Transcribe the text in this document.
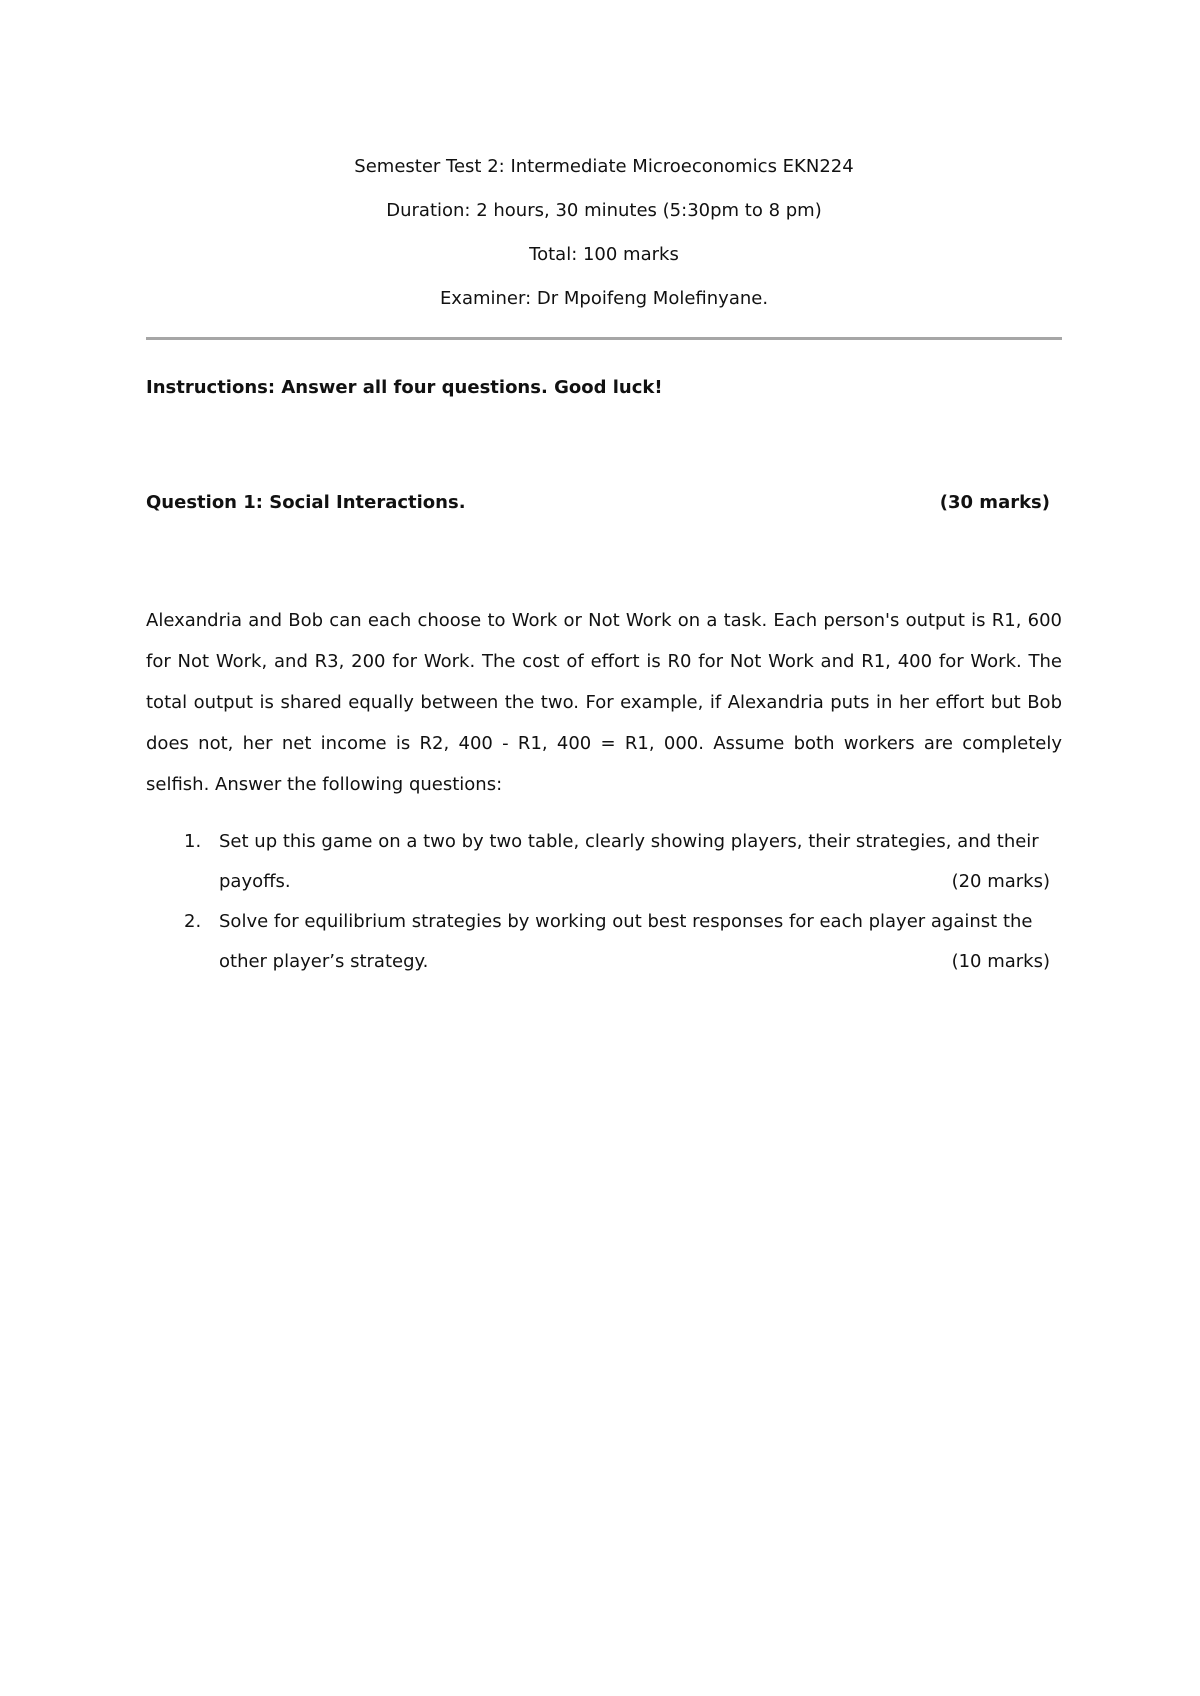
Semester Test 2: Intermediate Microeconomics EKN224

Duration: 2 hours, 30 minutes (5:30pm to 8 pm)

Total: 100 marks

Examiner: Dr Mpoifeng Molefinyane.

Instructions: Answer all four questions. Good luck!

Question 1: Social Interactions.	(30 marks)

Alexandria and Bob can each choose to Work or Not Work on a task. Each person's output is R1, 600 for Not Work, and R3, 200 for Work. The cost of effort is R0 for Not Work and R1, 400 for Work. The total output is shared equally between the two. For example, if Alexandria puts in her effort but Bob does not, her net income is R2, 400 - R1, 400 = R1, 000. Assume both workers are completely selfish. Answer the following questions:

1. Set up this game on a two by two table, clearly showing players, their strategies, and their
payoffs.	(20 marks)
2. Solve for equilibrium strategies by working out best responses for each player against the
other player’s strategy.	(10 marks)
